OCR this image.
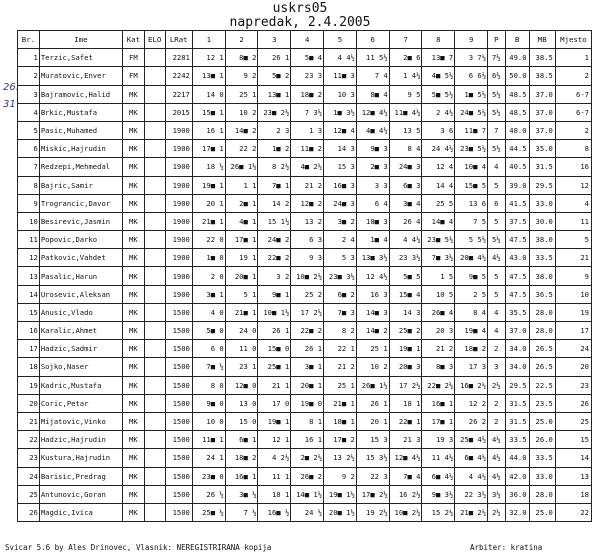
uskrs05
napredak, 2.4.2005
Br.	Ime	Kat	ELO	LRat	1	2	3	4	5	6	7	8	9	P	B	MB	Mjesto
1	Terzic,Safet	FM		2281	12 1	8■ 2	26 1	5■ 4	4 4½	11 5½	2■ 6	13■ 7	3 7½	7½	49.0	38.5	1
2	Muratovic,Enver	FM		2242	13■ 1	9 2	5■ 2	23 3	11■ 3	7 4	1 4½	4■ 5½	6 6½	6½	50.0	38.5	2
3	Bajramovic,Halid	MK		2217	14 0	25 1	13■ 1	18■ 2	10 3	8■ 4	9 5	5■ 5½	1■ 5½	5½	48.5	37.0	6-7
4	Brkic,Mustafa	MK		2015	15■ 1	10 2	23■ 2½	7 3½	1■ 3½	12■ 4½	11■ 4½	2 4½	24■ 5½	5½	48.5	37.0	6-7
5	Pasic,Muhamed	MK		1900	16 1	14■ 2	2 3	1 3	12■ 4	4■ 4½	13 5	3 6	11■ 7	7	48.0	37.0	2
6	Miskic,Hajrudin	MK		1900	17■ 1	22 2	1■ 2	11■ 2	14 3	9■ 3	8 4	24 4½	23■ 5½	5½	44.5	35.0	8
7	Redzepi,Mehmedal	MK		1900	18 ½	26■ 1½	8 2½	4■ 2½	15 3	2■ 3	24■ 3	12 4	10■ 4	4	40.5	31.5	16
8	Bajric,Samir	MK		1900	19■ 1	1 1	7■ 1	21 2	16■ 3	3 3	6■ 3	14 4	15■ 5	5	39.0	29.5	12
9	Trograncic,Davor	MK		1900	20 1	2■ 1	14 2	12■ 2	24■ 3	6 4	3■ 4	25 5	13 6	6	41.5	33.0	4
10	Besirevic,Jasmin	MK		1900	21■ 1	4■ 1	15 1½	13 2	3■ 2	18■ 3	26 4	14■ 4	7 5	5	37.5	30.0	11
11	Popovic,Darko	MK		1900	22 0	17■ 1	24■ 2	6 3	2 4	1■ 4	4 4½	23■ 5½	5 5½	5½	47.5	38.0	5
12	Patkovic,Vahdet	MK		1900	1■ 0	19 1	22■ 2	9 3	5 3	13■ 3½	23 3½	7■ 3½	20■ 4½	4½	43.0	33.5	21
13	Pasalic,Harun	MK		1900	2 0	20■ 1	3 2	10■ 2½	23■ 3½	12 4½	5■ 5	1 5	9■ 5	5	47.5	38.0	9
14	Urosevic,Aleksan	MK		1900	3■ 1	5 1	9■ 1	25 2	6■ 2	16 3	15■ 4	10 5	2 5	5	47.5	36.5	10
15	Anusic,Vlado	MK		1500	4 0	21■ 1	10■ 1½	17 2½	7■ 3	14■ 3	14 3	26■ 4	8 4	4	35.5	28.0	19
16	Karalic,Ahmet	MK		1500	5■ 0	24 0	26 1	22■ 2	8 2	14■ 2	25■ 2	20 3	19■ 4	4	37.0	28.0	17
17	Hadzic,Sadmir	MK		1500	6 0	11 0	15■ 0	26 1	22 1	25 1	19■ 1	21 2	18■ 2	2	34.0	26.5	24
18	Sojko,Naser	MK		1500	7■ ½	23 1	25■ 1	3■ 1	21 2	10 2	20■ 3	8■ 3	17 3	3	34.0	26.5	20
19	Kadric,Mustafa	MK		1500	8 0	12■ 0	21 1	20■ 1	25 1	26■ 1½	17 2½	22■ 2½	16■ 2½	2½	29.5	22.5	23
20	Coric,Petar	MK		1500	9■ 0	13 0	17 0	19■ 0	21■ 1	26 1	18 1	16■ 1	12 2	2	31.5	23.5	26
21	Mijatovic,Vinko	MK		1500	10 0	15 0	19■ 1	8 1	18■ 1	20 1	22■ 1	17■ 1	26 2	2	31.5	25.0	25
22	Hadzic,Hajrudin	MK		1500	11■ 1	6■ 1	12 1	16 1	17■ 2	15 3	21 3	19 3	25■ 4½	4½	33.5	26.0	15
23	Kustura,Hajrudin	MK		1500	24 1	18■ 2	4 2½	2■ 2½	13 2½	15 3½	12■ 4½	11 4½	6■ 4½	4½	44.0	33.5	14
24	Barisic,Predrag	MK		1500	23■ 0	16■ 1	11 1	26■ 2	9 2	22 3	7■ 4	6■ 4½	4 4½	4½	42.0	33.0	13
25	Antunovic,Goran	MK		1500	26 ½	3■ ½	18 1	14■ 1½	19■ 1½	17■ 2½	16 2½	9■ 3½	22 3½	3½	36.0	28.0	18
26	Magdic,Ivica	MK		1500	25■ ½	7 ½	16■ ½	24 ½	20■ 1½	19 2½	10■ 2½	15 2½	21■ 2½	2½	32.0	25.0	22
Svicar 5.6 by Ales Drinovec, Vlasnik: NEREGISTRIRANA kopija	Arbiter: kratina
26.
31
